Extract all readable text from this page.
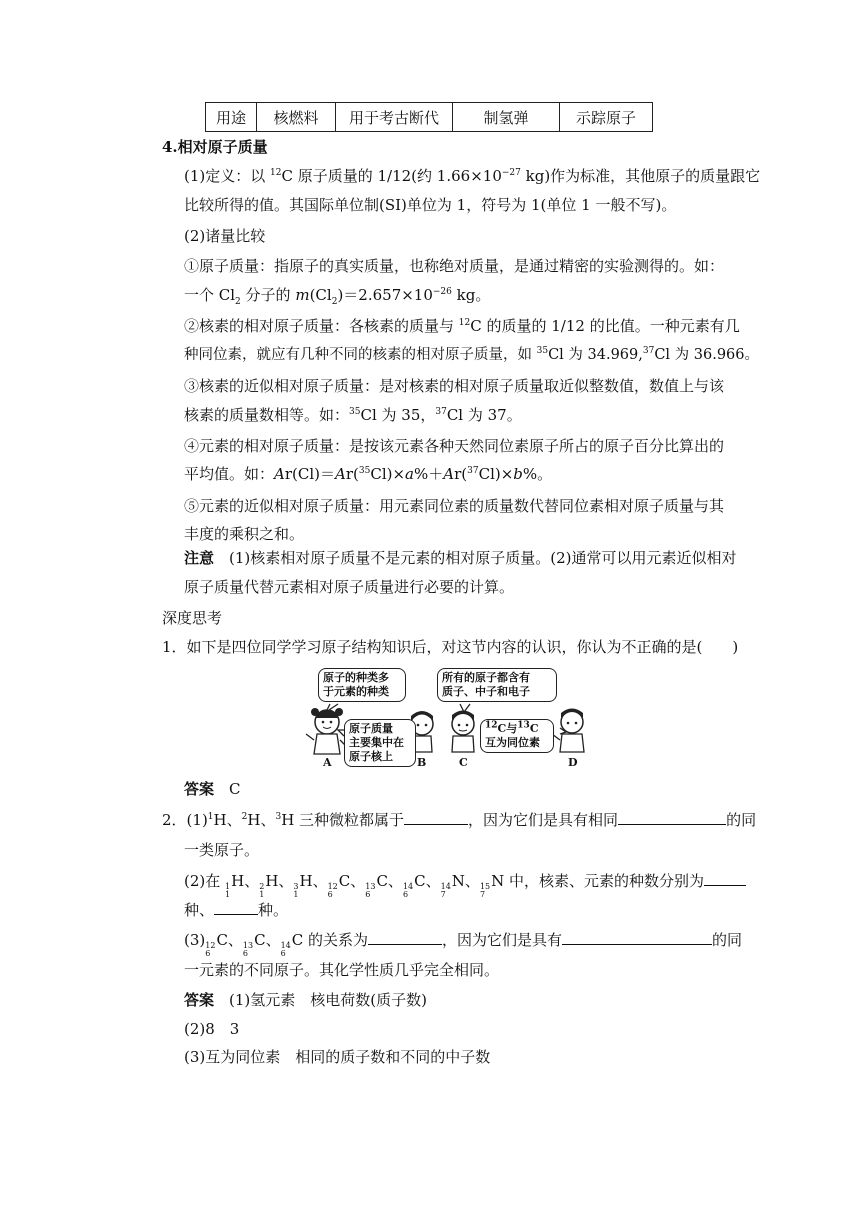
用途	核燃料	用于考古断代	制氢弹	示踪原子
4.相对原子质量
(1)定义：以 $^{12}$C 原子质量的 1/12(约 $1.66\times 10^{-27}$ kg)作为标准，其他原子的质量跟它
比较所得的值。其国际单位制(SI)单位为 1，符号为 1(单位 1 一般不写)。
(2)诸量比较
①原子质量：指原子的真实质量，也称绝对质量，是通过精密的实验测得的。如：
一个 $Cl_2$ 分子的 $m(Cl_2)=2.657\times 10^{-26}$ kg。
②核素的相对原子质量：各核素的质量与 $^{12}$C 的质量的 1/12 的比值。一种元素有几
种同位素，就应有几种不同的核素的相对原子质量，如 $^{35}$Cl 为 34.969,37Cl 为 36.966。
③核素的近似相对原子质量：是对核素的相对原子质量取近似整数值，数值上与该
核素的质量数相等。如：$^{35}$Cl 为 35，$^{37}$Cl 为 37。
④元素的相对原子质量：是按该元素各种天然同位素原子所占的原子百分比算出的
平均值。如：Ar(Cl)＝Ar($^{35}$Cl)×a%＋Ar($^{37}$Cl)×b%。
⑤元素的近似相对原子质量：用元素同位素的质量数代替同位素相对原子质量与其
丰度的乘积之和。
注意　(1)核素相对原子质量不是元素的相对原子质量。(2)通常可以用元素近似相对
原子质量代替元素相对原子质量进行必要的计算。
深度思考
1．如下是四位同学学习原子结构知识后，对这节内容的认识，你认为不正确的是(　　)
原子的种类多
于元素的种类
原子质量
主要集中在
原子核上
所有的原子都含有
质子、中子和电子
$^{12}$C与$^{13}$C
互为同位素
A	B	C	D
答案　C
2．$(1)^1H$、$^2$H、$^3$H 三种微粒都属于	，因为它们是具有相同	的同
一类原子。
(2)在 1
1
H、 2
1
H、 3
1
H、 12
6
C、 13
6
C、 14
6
C、 14
7
N、 15
7
N 中，核素、元素的种数分别为
种、	种。
(3) 12
6
C、 13
6
C、 14
6
C 的关系为	，因为它们是具有	的同
一元素的不同原子。其化学性质几乎完全相同。
答案　(1)氢元素　核电荷数(质子数)
(2)8　3
(3)互为同位素　相同的质子数和不同的中子数
